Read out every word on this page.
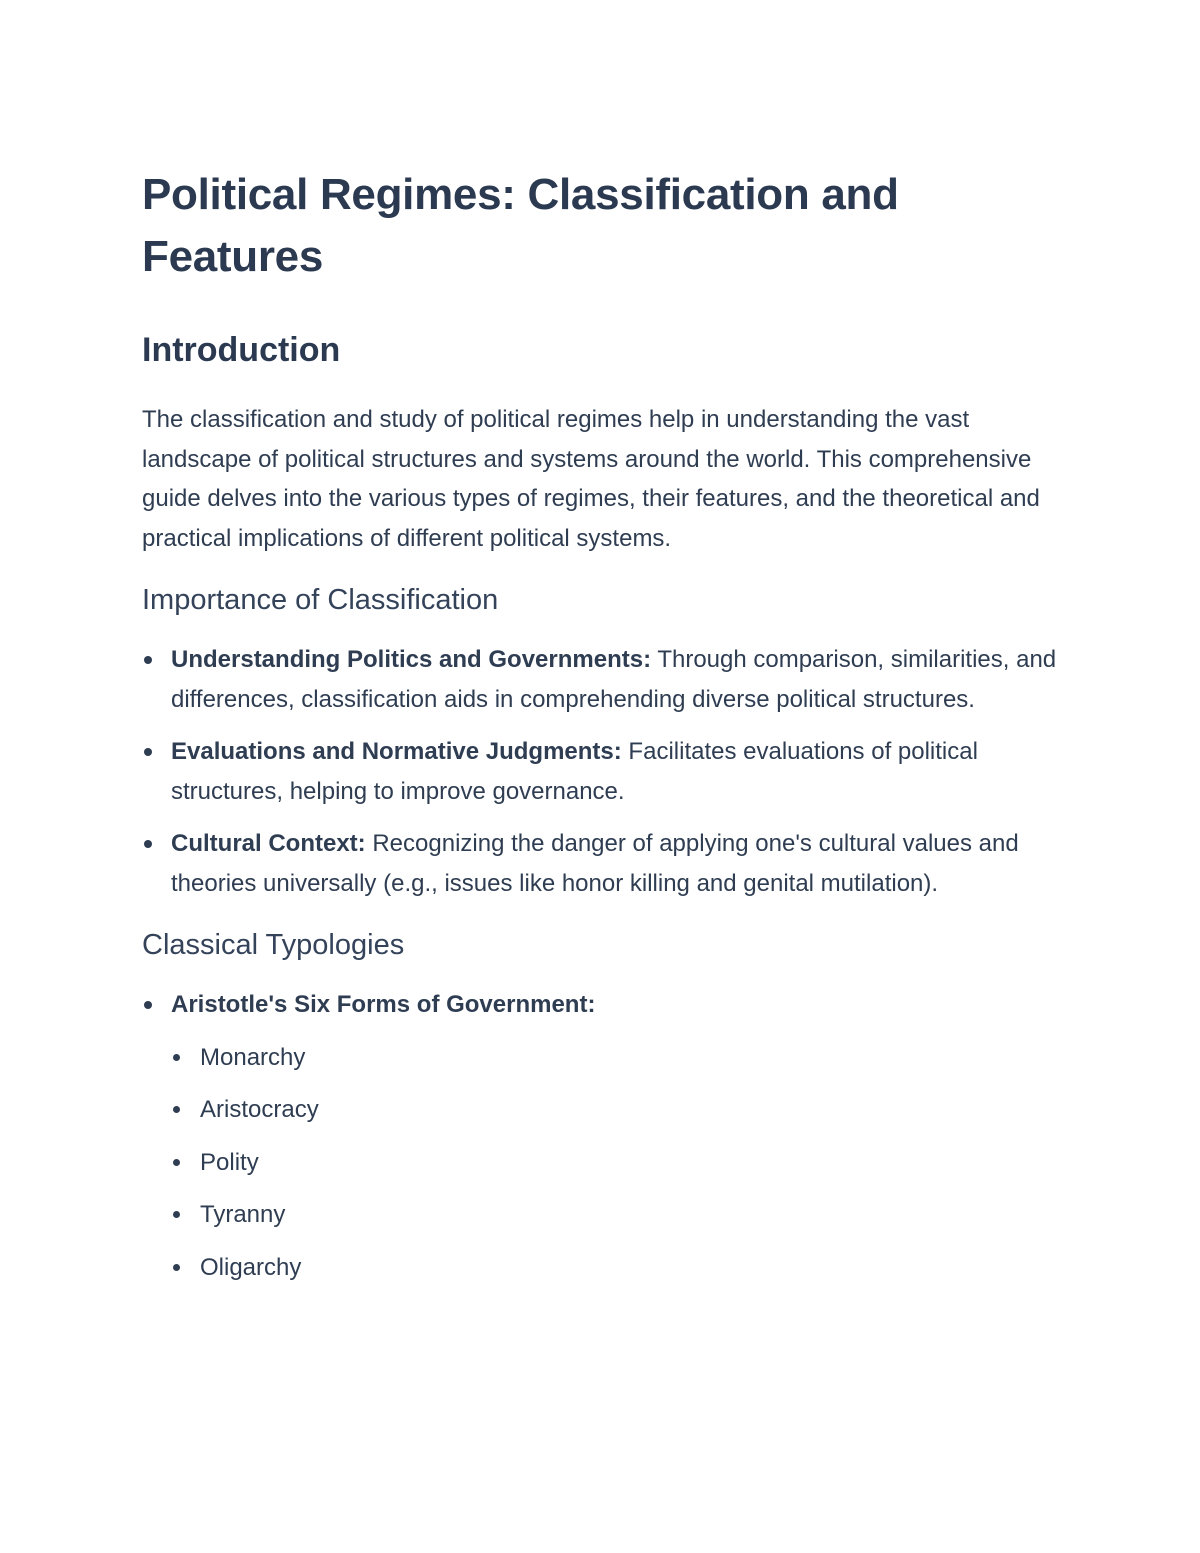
Political Regimes: Classification and Features
Introduction

The classification and study of political regimes help in understanding the vast landscape of political structures and systems around the world. This comprehensive guide delves into the various types of regimes, their features, and the theoretical and practical implications of different political systems.

Importance of Classification
Understanding Politics and Governments: Through comparison, similarities, and differences, classification aids in comprehending diverse political structures.
Evaluations and Normative Judgments: Facilitates evaluations of political structures, helping to improve governance.
Cultural Context: Recognizing the danger of applying one's cultural values and theories universally (e.g., issues like honor killing and genital mutilation).
Classical Typologies
Aristotle's Six Forms of Government:
Monarchy
Aristocracy
Polity
Tyranny
Oligarchy
